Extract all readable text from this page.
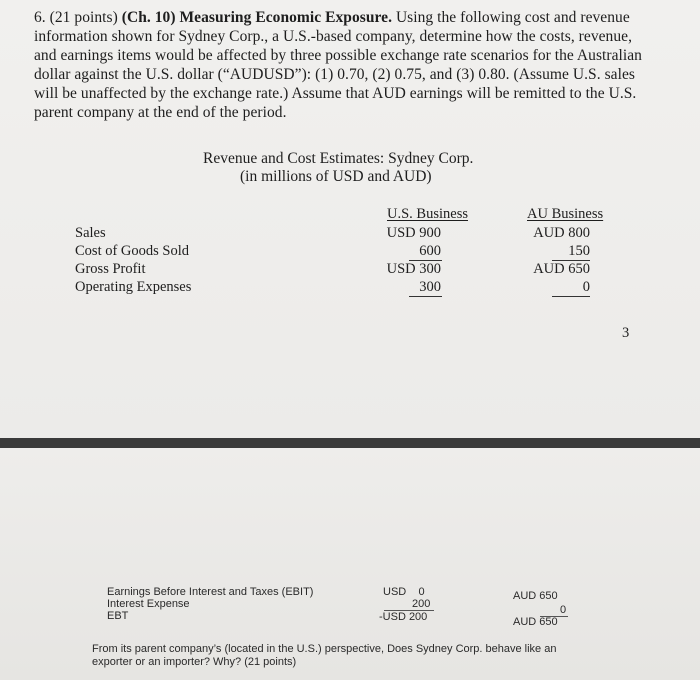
6. (21 points) (Ch. 10) Measuring Economic Exposure. Using the following cost and revenue
information shown for Sydney Corp., a U.S.-based company, determine how the costs, revenue,
and earnings items would be affected by three possible exchange rate scenarios for the Australian
dollar against the U.S. dollar (“AUDUSD”): (1) 0.70, (2) 0.75, and (3) 0.80. (Assume U.S. sales
will be unaffected by the exchange rate.) Assume that AUD earnings will be remitted to the U.S.
parent company at the end of the period.
Revenue and Cost Estimates: Sydney Corp.
(in millions of USD and AUD)
U.S. Business	AU Business
Sales
Cost of Goods Sold
Gross Profit
Operating Expenses
USD 900
600
USD 300
300
AUD 800
150
AUD 650
0
3
Earnings Before Interest and Taxes (EBIT)
Interest Expense
EBT
USD    0
200
-USD 200
AUD 650
0
AUD 650
From its parent company’s (located in the U.S.) perspective, Does Sydney Corp. behave like an
exporter or an importer? Why? (21 points)
